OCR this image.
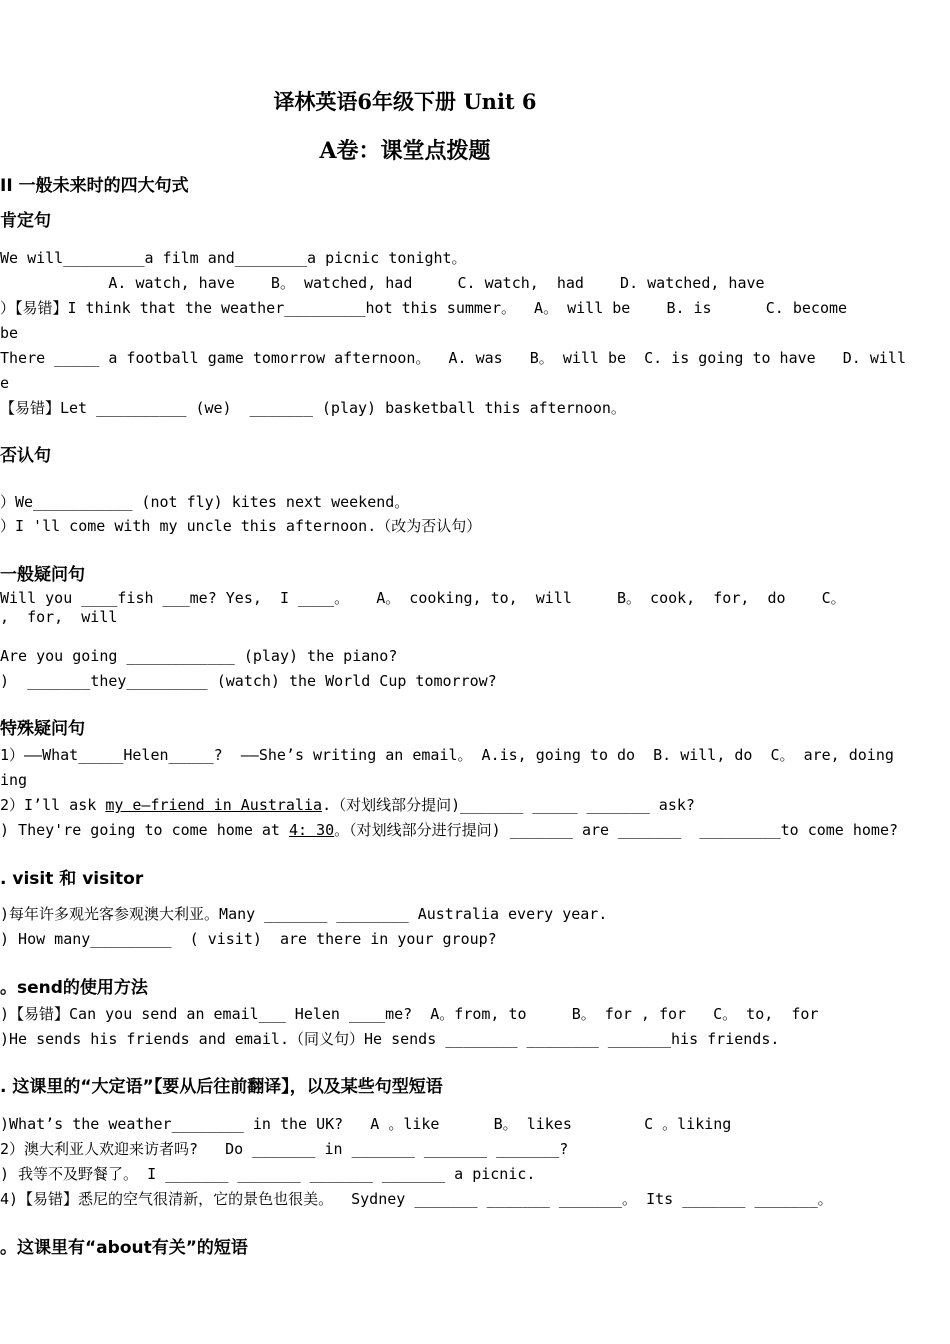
译林英语6年级下册 Unit 6
A卷：课堂点拨题
II 一般未来时的四大句式
肯定句
We will_________a film and________a picnic tonight。
A. watch, have    B。 watched, had     C. watch,  had    D. watched, have
）【易错】I think that the weather_________hot this summer。  A。 will be    B. is      C. become
be
There _____ a football game tomorrow afternoon。  A. was   B。 will be  C. is going to have   D. will
e
【易错】Let __________ (we)  _______ (play) basketball this afternoon。
否认句
）We___________ (not fly) kites next weekend。
）I 'll come with my uncle this afternoon.（改为否认句）
一般疑问句
Will you ____fish ___me? Yes,  I ____。   A。 cooking, to,  will     B。 cook,  for,  do    C。
,  for,  will
Are you going ____________ (play) the piano?
)  _______they_________ (watch) the World Cup tomorrow?
特殊疑问句
1）——What_____Helen_____?  ——She’s writing an email。 A.is, going to do  B. will, do  C。 are, doing
ing
2）I’ll ask my e—friend in Australia.（对划线部分提问)_______ _____ _______ ask?
) They're going to come home at 4: 30。（对划线部分进行提问) _______ are _______  _________to come home?
. visit 和 visitor
)每年许多观光客参观澳大利亚。Many _______ ________ Australia every year.
) How many_________  ( visit)  are there in your group?
。send的使用方法
)【易错】Can you send an email___ Helen ____me?  A。from, to     B。 for , for   C。 to,  for
)He sends his friends and email.（同义句）He sends ________ ________ _______his friends.
. 这课里的“大定语”【要从后往前翻译】，以及某些句型短语
)What’s the weather________ in the UK?   A 。like      B。 likes        C 。liking
2）澳大利亚人欢迎来访者吗?   Do _______ in _______ _______ _______?
) 我等不及野餐了。 I _______ _______ _______ _______ a picnic.
4)【易错】悉尼的空气很清新，它的景色也很美。  Sydney _______ _______ _______。 Its _______ _______。
。这课里有“about有关”的短语
